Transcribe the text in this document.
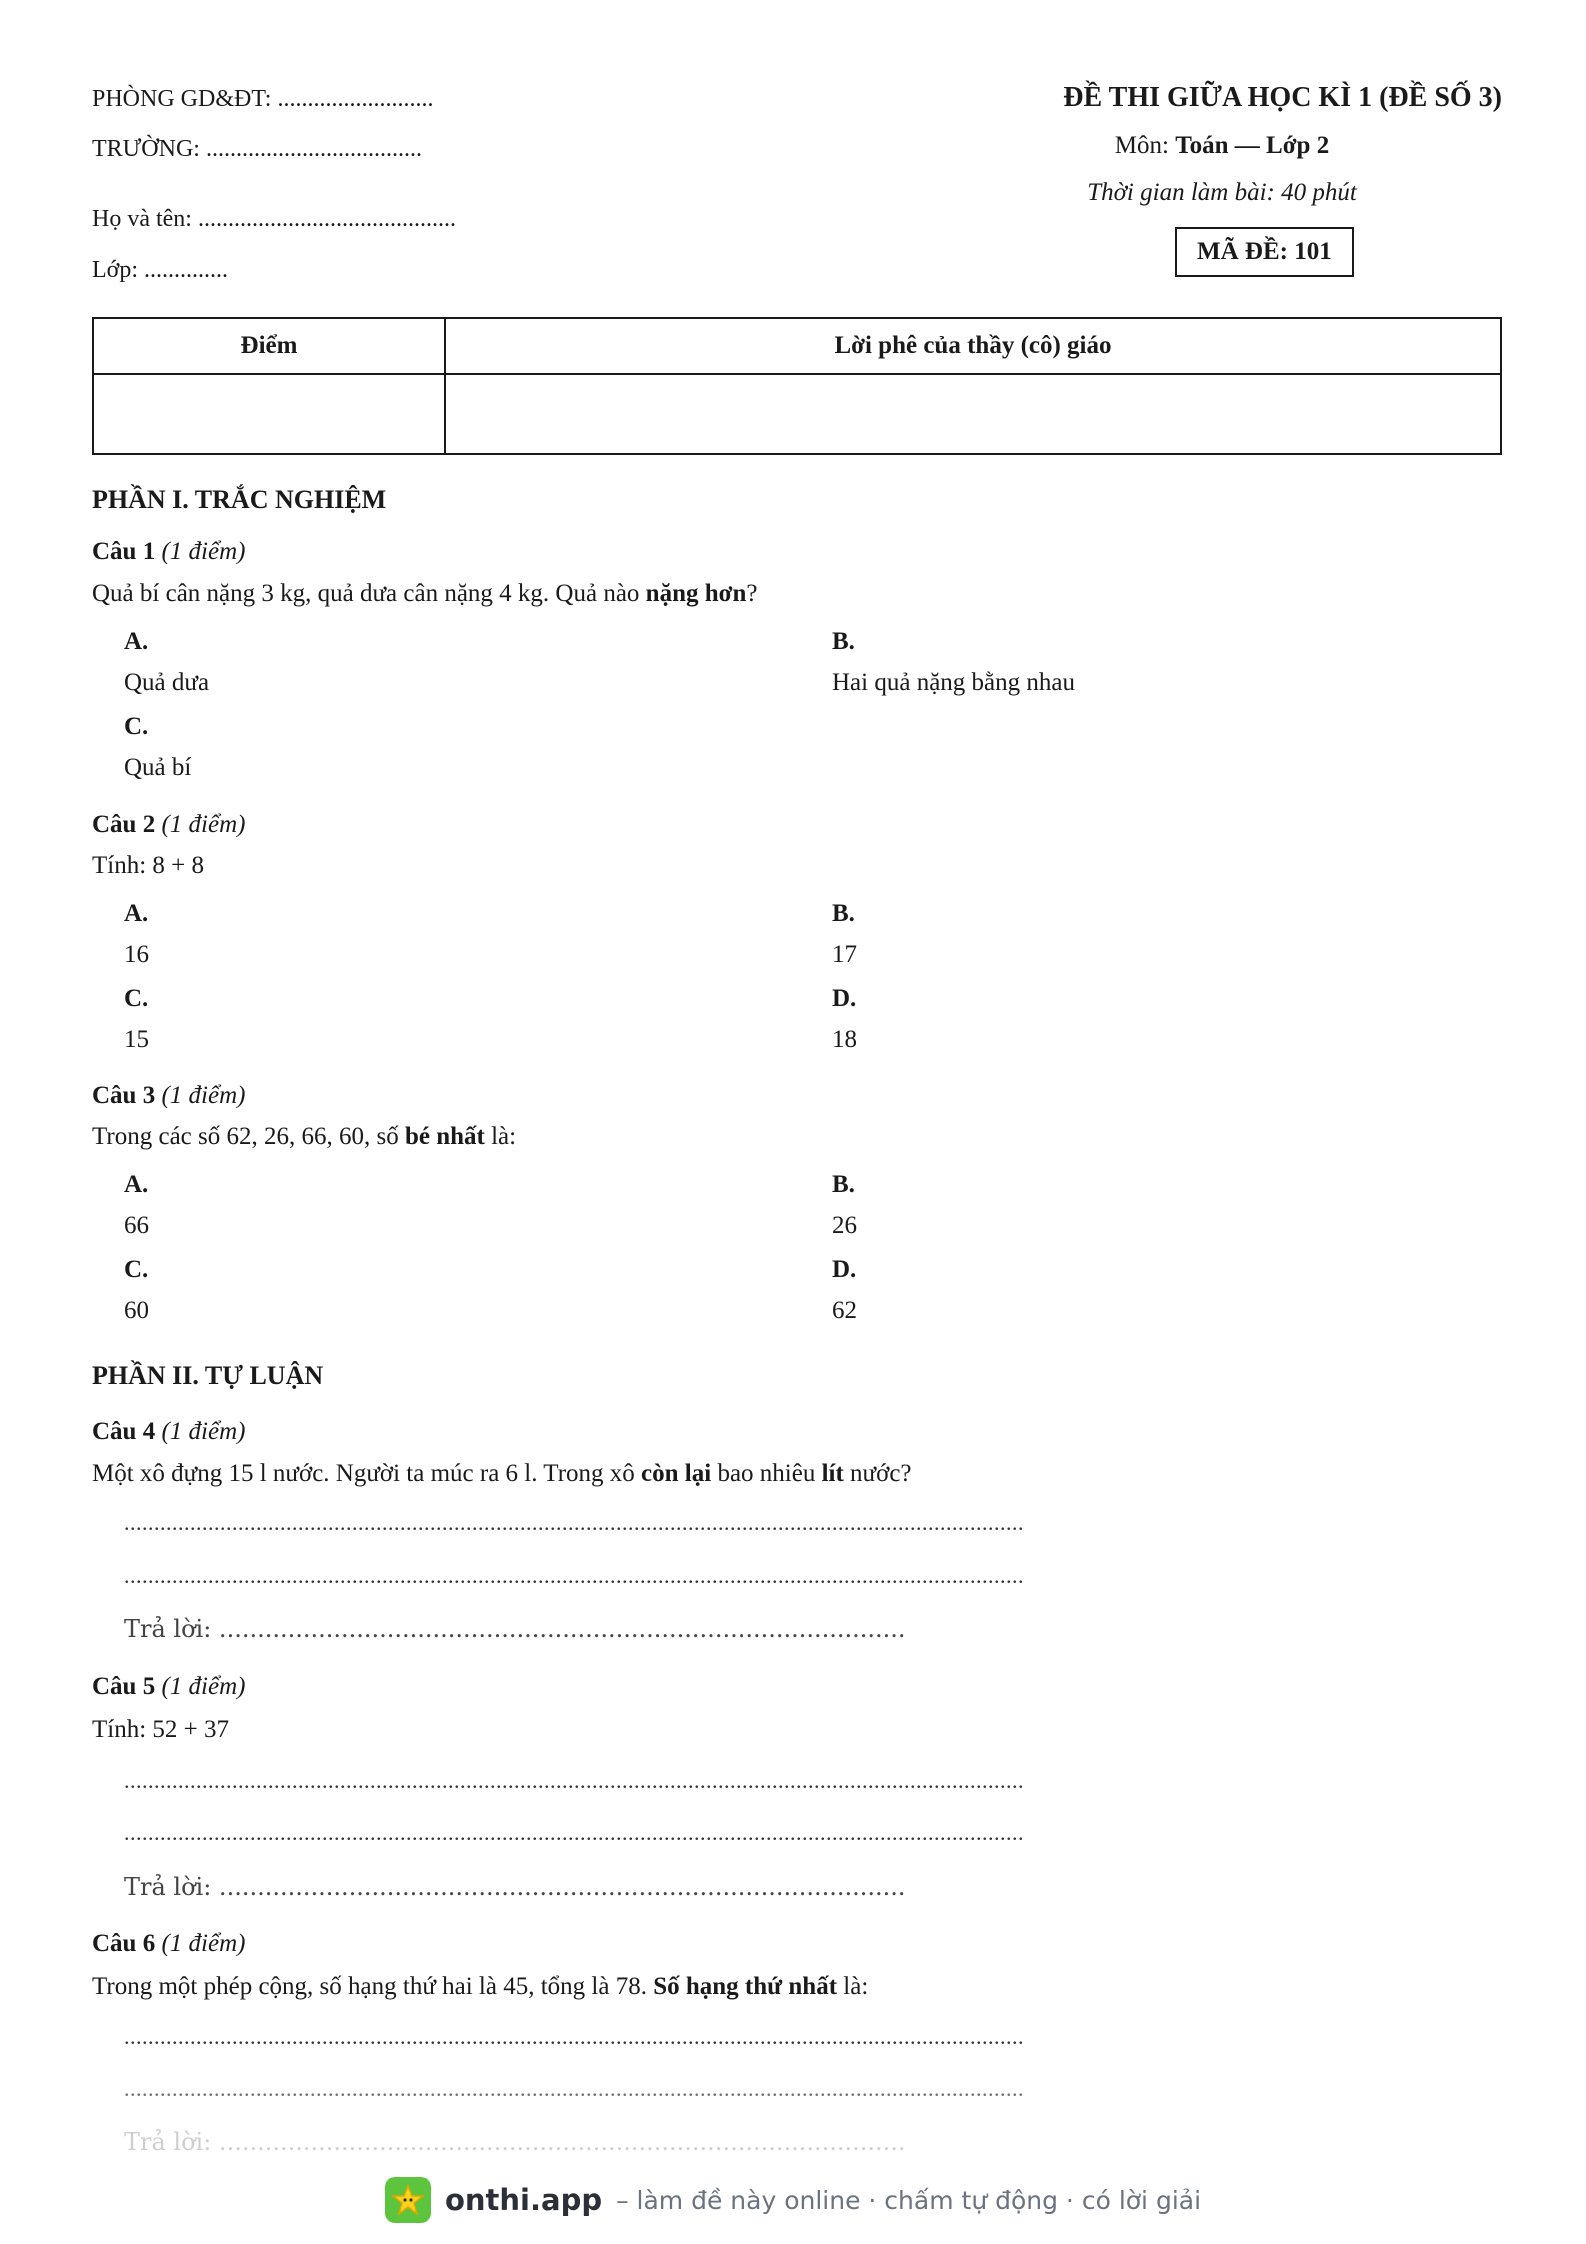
PHÒNG GD&ĐT: ..........................
TRƯỜNG: ....................................
Họ và tên: ...........................................
Lớp: ..............
ĐỀ THI GIỮA HỌC KÌ 1 (ĐỀ SỐ 3)
Môn: Toán — Lớp 2
Thời gian làm bài: 40 phút
MÃ ĐỀ: 101
Điểm	Lời phê của thầy (cô) giáo

PHẦN I. TRẮC NGHIỆM
Câu 1 (1 điểm)
Quả bí cân nặng 3 kg, quả dưa cân nặng 4 kg. Quả nào nặng hơn?
A.
Quả dưa
B.
Hai quả nặng bằng nhau
C.
Quả bí
Câu 2 (1 điểm)
Tính: 8 + 8
A.
16
B.
17
C.
15
D.
18
Câu 3 (1 điểm)
Trong các số 62, 26, 66, 60, số bé nhất là:
A.
66
B.
26
C.
60
D.
62
PHẦN II. TỰ LUẬN
Câu 4 (1 điểm)
Một xô đựng 15 l nước. Người ta múc ra 6 l. Trong xô còn lại bao nhiêu lít nước?
......................................................................................................................................................
......................................................................................................................................................
Trả lời: ..........................................................................................
Câu 5 (1 điểm)
Tính: 52 + 37
......................................................................................................................................................
......................................................................................................................................................
Trả lời: ..........................................................................................
Câu 6 (1 điểm)
Trong một phép cộng, số hạng thứ hai là 45, tổng là 78. Số hạng thứ nhất là:
......................................................................................................................................................
......................................................................................................................................................
Trả lời: ..........................................................................................
onthi.app – làm đề này online · chấm tự động · có lời giải
